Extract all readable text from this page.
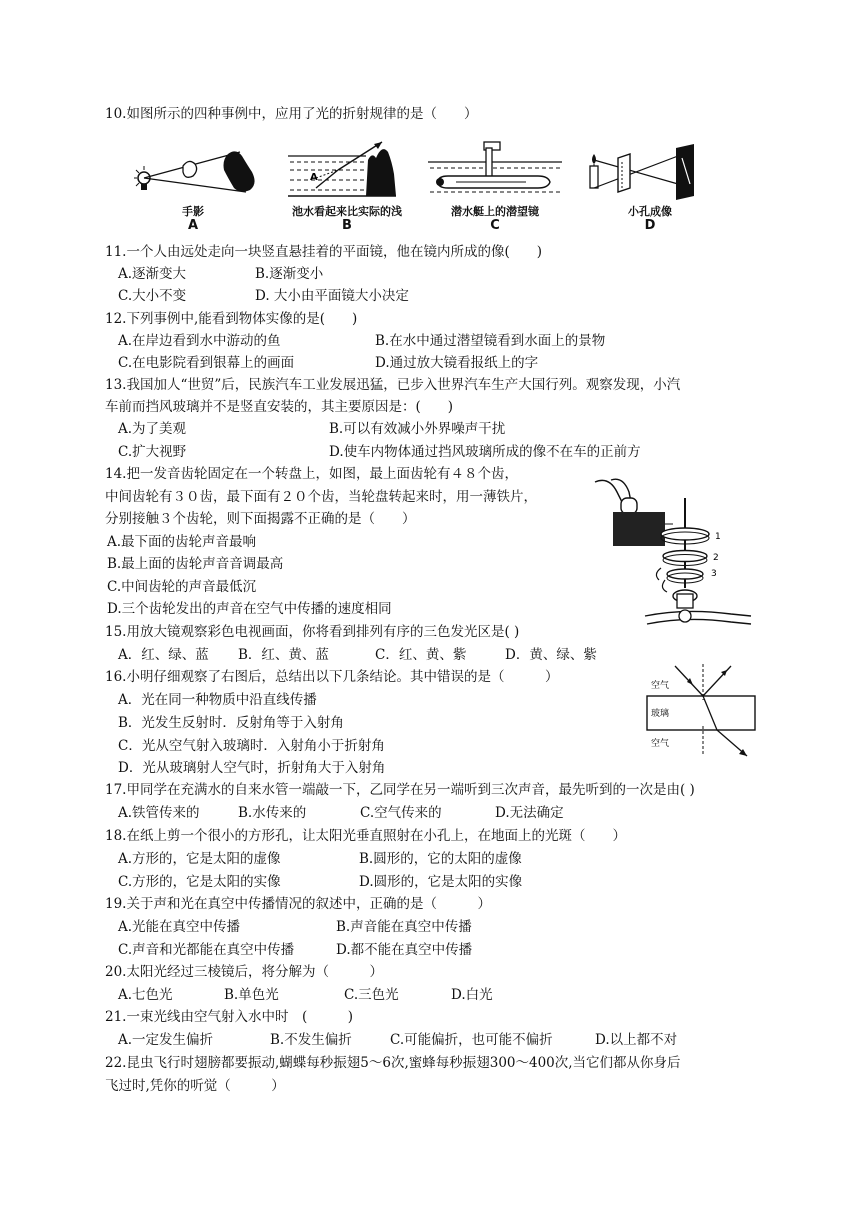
10.如图所示的四种事例中，应用了光的折射规律的是（　　）
手影
A
A
池水看起来比实际的浅
B
潜水艇上的潜望镜
C
小孔成像
D
11.一个人由远处走向一块竖直悬挂着的平面镜，他在镜内所成的像(　　)
A.逐渐变大	B.逐渐变小
C.大小不变	D. 大小由平面镜大小决定
12.下列事例中,能看到物体实像的是(　　)
A.在岸边看到水中游动的鱼	B.在水中通过潜望镜看到水面上的景物
C.在电影院看到银幕上的画面	D.通过放大镜看报纸上的字
13.我国加人“世贸”后，民族汽车工业发展迅猛，已步入世界汽车生产大国行列。观察发现，小汽
车前而挡风玻璃并不是竖直安装的，其主要原因是：(　　)
A.为了美观	B.可以有效减小外界噪声干扰
C.扩大视野	D.使车内物体通过挡风玻璃所成的像不在车的正前方
14.把一发音齿轮固定在一个转盘上，如图，最上面齿轮有４８个齿，
中间齿轮有３０齿，最下面有２０个齿，当轮盘转起来时，用一薄铁片，
分别接触３个齿轮，则下面揭露不正确的是（　　）
A.最下面的齿轮声音最响
B.最上面的齿轮声音音调最高
C.中间齿轮的声音最低沉
D.三个齿轮发出的声音在空气中传播的速度相同
1
2
3
15.用放大镜观察彩色电视画面，你将看到排列有序的三色发光区是( )
A．红、绿、蓝 B．红、黄、蓝	C．红、黄、紫	D．黄、绿、紫
16.小明仔细观察了右图后，总结出以下几条结论。其中错误的是（　　　）
A．光在同一种物质中沿直线传播
B．光发生反射时．反射角等于入射角
C．光从空气射入玻璃时．入射角小于折射角
D．光从玻璃射人空气时，折射角大于入射角
空气
玻璃
空气
17.甲同学在充满水的自来水管一端敲一下，乙同学在另一端听到三次声音，最先听到的一次是由( )
A.铁管传来的	B.水传来的	C.空气传来的	D.无法确定
18.在纸上剪一个很小的方形孔，让太阳光垂直照射在小孔上，在地面上的光斑（　　）
A.方形的，它是太阳的虚像	B.圆形的，它的太阳的虚像
C.方形的，它是太阳的实像	D.圆形的，它是太阳的实像
19.关于声和光在真空中传播情况的叙述中，正确的是（　　　）
A.光能在真空中传播	B.声音能在真空中传播
C.声音和光都能在真空中传播	D.都不能在真空中传播
20.太阳光经过三棱镜后，将分解为（　　　）
A.七色光	B.单色光	C.三色光	D.白光
21.一束光线由空气射入水中时　(　　　)
A.一定发生偏折	B.不发生偏折	C.可能偏折，也可能不偏折	D.以上都不对
22.昆虫飞行时翅膀都要振动,蝴蝶每秒振翅5～6次,蜜蜂每秒振翅300～400次,当它们都从你身后
飞过时,凭你的听觉（　　　）
